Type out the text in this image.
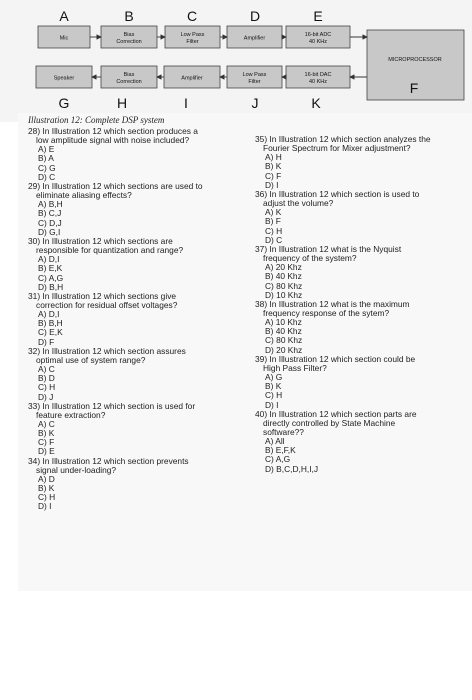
Mic
Bias
Correction
Low Pass
Filter
Amplifier
16-bit ADC
40 KHz
Speaker
Bias
Correction
Amplifier
Low Pass
Filter
16-bit DAC
40 KHz
MICROPROCESSOR
A	B	C	D	E
G	H	I	J	K
F
Illustration 12: Complete DSP system
28) In Illustration 12 which section produces a
low amplitude signal with noise included?
A) E
B) A
C) G
D) C
29) In Illustration 12 which sections are used to
eliminate aliasing effects?
A) B,H
B) C,J
C) D,J
D) G,I
30) In Illustration 12 which sections are
responsible for quantization and range?
A) D,I
B) E,K
C) A,G
D) B,H
31) In Illustration 12 which sections give
correction for residual offset voltages?
A) D,I
B) B,H
C) E,K
D) F
32) In Illustration 12 which section assures
optimal use of system range?
A) C
B) D
C) H
D) J
33) In Illustration 12 which section is used for
feature extraction?
A) C
B) K
C) F
D) E
34) In Illustration 12 which section prevents
signal under-loading?
A) D
B) K
C) H
D) I
35) In Illustration 12 which section analyzes the
Fourier Spectrum for Mixer adjustment?
A) H
B) K
C) F
D) I
36) In Illustration 12 which section is used to
adjust the volume?
A) K
B) F
C) H
D) C
37) In Illustration 12 what is the Nyquist
frequency of the system?
A) 20 Khz
B) 40 Khz
C) 80 Khz
D) 10 Khz
38) In Illustration 12 what is the maximum
frequency response of the sytem?
A) 10 Khz
B) 40 Khz
C) 80 Khz
D) 20 Khz
39) In Illustration 12 which section could be
High Pass Filter?
A) G
B) K
C) H
D) I
40) In Illustration 12 which section parts are
directly controlled by State Machine
software??
A) All
B) E,F,K
C) A,G
D) B,C,D,H,I,J
